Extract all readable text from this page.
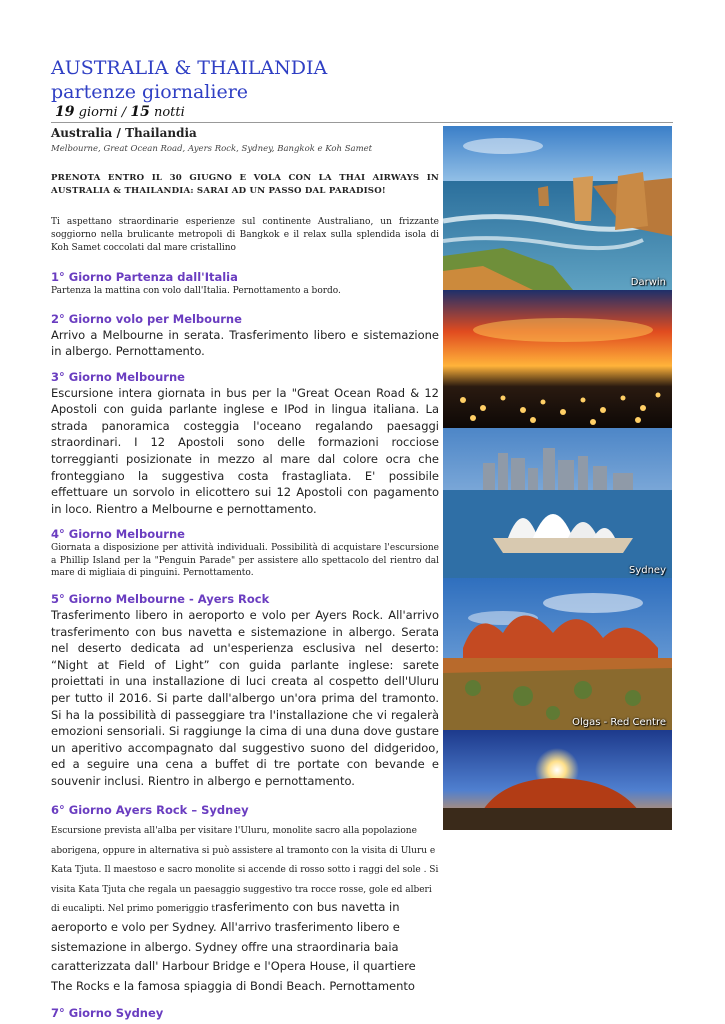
AUSTRALIA & THAILANDIA
partenze giornaliere
19 giorni / 15 notti

Australia / Thailandia

Melbourne, Great Ocean Road, Ayers Rock, Sydney, Bangkok e Koh Samet

PRENOTA ENTRO IL 30 GIUGNO E VOLA CON LA THAI AIRWAYS IN AUSTRALIA & THAILANDIA: SARAI AD UN PASSO DAL PARADISO!

Ti aspettano straordinarie esperienze sul continente Australiano, un frizzante soggiorno nella brulicante metropoli di Bangkok e il relax sulla splendida isola di Koh Samet coccolati dal mare cristallino

1° Giorno Partenza dall'Italia

Partenza la mattina con volo dall'Italia. Pernottamento a bordo.

2° Giorno volo per Melbourne

Arrivo a Melbourne in serata. Trasferimento libero e sistemazione in albergo. Pernottamento.

3° Giorno Melbourne

Escursione intera giornata in bus per la "Great Ocean Road & 12 Apostoli con guida parlante inglese e IPod in lingua italiana. La strada panoramica costeggia l'oceano regalando paesaggi straordinari. I 12 Apostoli sono delle formazioni rocciose torreggianti posizionate in mezzo al mare dal colore ocra che fronteggiano la suggestiva costa frastagliata. E' possibile effettuare un sorvolo in elicottero sui 12 Apostoli con pagamento in loco. Rientro a Melbourne e pernottamento.

4° Giorno Melbourne

Giornata a disposizione per attività individuali. Possibilità di acquistare l'escursione a Phillip Island per la "Penguin Parade" per assistere allo spettacolo del rientro dal mare di migliaia di pinguini. Pernottamento.

5° Giorno Melbourne - Ayers Rock

Trasferimento libero in aeroporto e volo per Ayers Rock. All'arrivo trasferimento con bus navetta e sistemazione in albergo. Serata nel deserto dedicata ad un'esperienza esclusiva nel deserto: “Night at Field of Light” con guida parlante inglese: sarete proiettati in una installazione di luci creata al cospetto dell'Uluru per tutto il 2016. Si parte dall'albergo un'ora prima del tramonto. Si ha la possibilità di passeggiare tra l'installazione che vi regalerà emozioni sensoriali. Si raggiunge la cima di una duna dove gustare un aperitivo accompagnato dal suggestivo suono del didgeridoo, ed a seguire una cena a buffet di tre portate con bevande e souvenir inclusi. Rientro in albergo e pernottamento.

6° Giorno Ayers Rock – Sydney

Escursione prevista all'alba per visitare l'Uluru, monolite sacro alla popolazione aborigena, oppure in alternativa si può assistere al tramonto con la visita di Uluru e Kata Tjuta. Il maestoso e sacro monolite si accende di rosso sotto i raggi del sole . Si visita Kata Tjuta che regala un paesaggio suggestivo tra rocce rosse, gole ed alberi di eucalipti. Nel primo pomeriggio t

rasferimento con bus navetta in aeroporto e volo per Sydney. All'arrivo trasferimento libero e sistemazione in albergo. Sydney offre una straordinaria baia caratterizzata dall' Harbour Bridge e l'Opera House, il quartiere The Rocks e la famosa spiaggia di Bondi Beach. Pernottamento

7° Giorno Sydney

Darwin
Sydney
Olgas - Red Centre
